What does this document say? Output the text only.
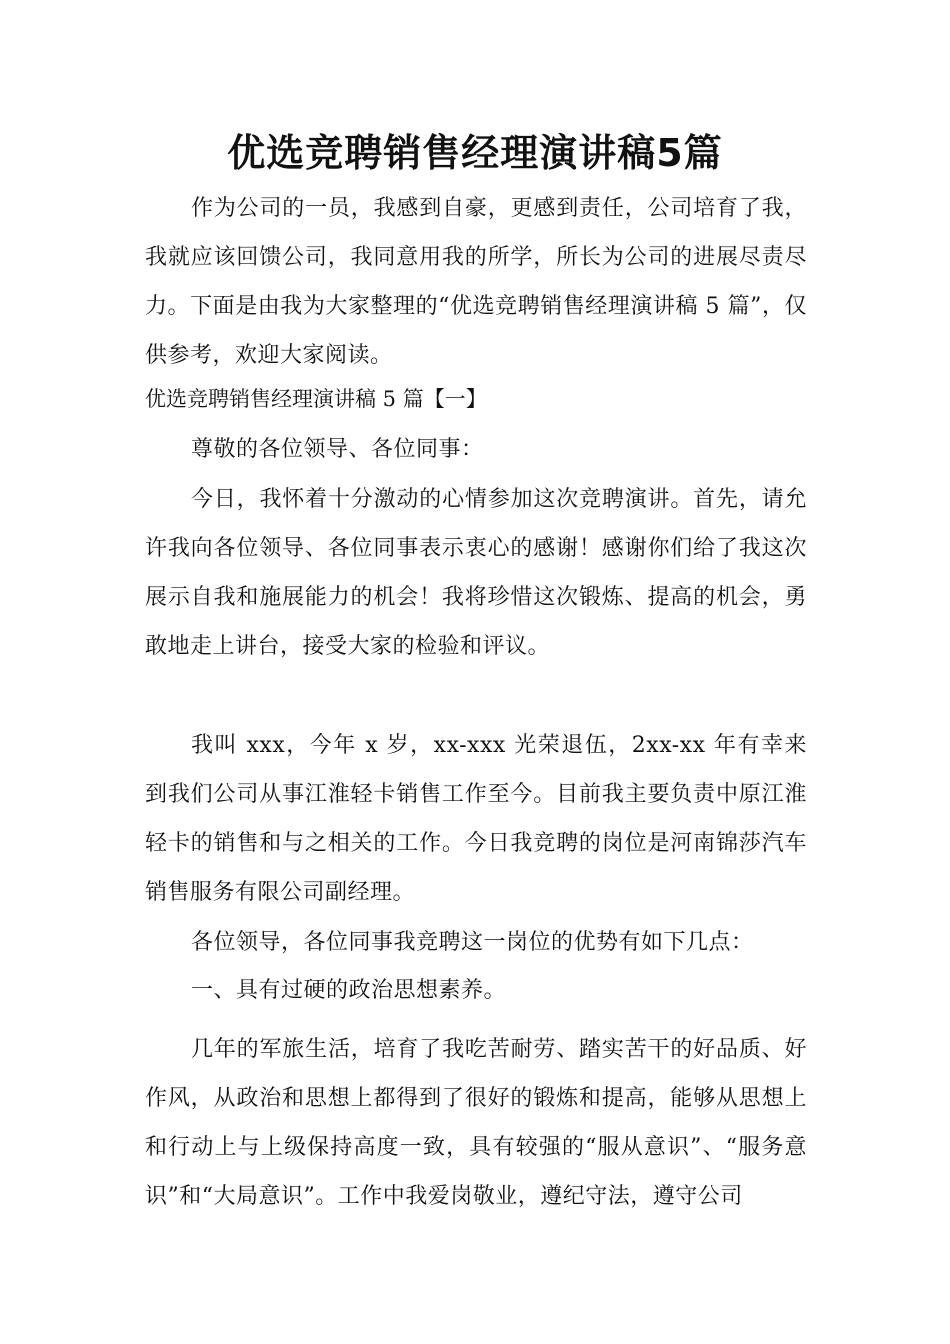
优选竞聘销售经理演讲稿5篇

作为公司的一员，我感到自豪，更感到责任，公司培育了我，我就应该回馈公司，我同意用我的所学，所长为公司的进展尽责尽力。下面是由我为大家整理的“优选竞聘销售经理演讲稿 5 篇”，仅供参考，欢迎大家阅读。

优选竞聘销售经理演讲稿 5 篇【一】

尊敬的各位领导、各位同事：

今日，我怀着十分激动的心情参加这次竞聘演讲。首先，请允许我向各位领导、各位同事表示衷心的感谢！感谢你们给了我这次展示自我和施展能力的机会！我将珍惜这次锻炼、提高的机会，勇敢地走上讲台，接受大家的检验和评议。

我叫 xxx，今年 x 岁，xx-xxx 光荣退伍，2xx-xx 年有幸来到我们公司从事江淮轻卡销售工作至今。目前我主要负责中原江淮轻卡的销售和与之相关的工作。今日我竞聘的岗位是河南锦莎汽车销售服务有限公司副经理。

各位领导，各位同事我竞聘这一岗位的优势有如下几点：

一、具有过硬的政治思想素养。

几年的军旅生活，培育了我吃苦耐劳、踏实苦干的好品质、好作风，从政治和思想上都得到了很好的锻炼和提高，能够从思想上和行动上与上级保持高度一致，具有较强的“服从意识”、“服务意识”和“大局意识”。工作中我爱岗敬业，遵纪守法，遵守公司
